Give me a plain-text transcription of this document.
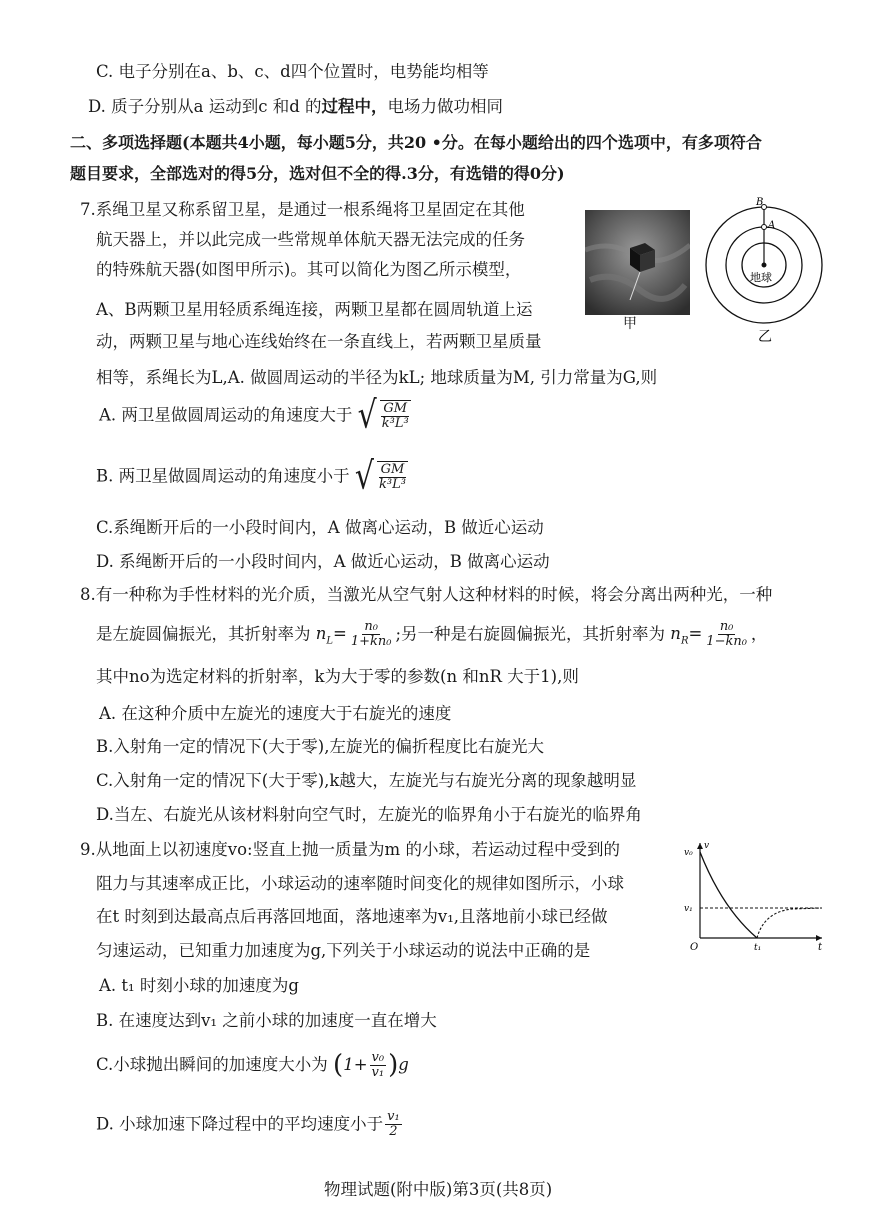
C. 电子分别在a、b、c、d四个位置时，电势能均相等
D. 质子分别从a 运动到c 和d 的过程中，电场力做功相同
二、多项选择题(本题共4小题，每小题5分，共20 •分。在每小题给出的四个选项中，有多项符合
题目要求，全部选对的得5分，选对但不全的得.3分，有选错的得0分)
7.系绳卫星又称系留卫星，是通过一根系绳将卫星固定在其他
航天器上，并以此完成一些常规单体航天器无法完成的任务
的特殊航天器(如图甲所示)。其可以简化为图乙所示模型，
A、B两颗卫星用轻质系绳连接，两颗卫星都在圆周轨道上运
动，两颗卫星与地心连线始终在一条直线上，若两颗卫星质量
相等，系绳长为L,A. 做圆周运动的半径为kL; 地球质量为M, 引力常量为G,则
A. 两卫星做圆周运动的角速度大于 √ $\frac{GM}{\text{k³L³}}$
B. 两卫星做圆周运动的角速度小于 √ $\frac{GM}{\text{k³L³}}$
C.系绳断开后的一小段时间内，A 做离心运动，B 做近心运动
D. 系绳断开后的一小段时间内，A 做近心运动，B 做离心运动
8.有一种称为手性材料的光介质，当激光从空气射人这种材料的时候，将会分离出两种光，一种
是左旋圆偏振光，其折射率为 $n_L= \frac{\text{n₀}}{\text{1+kn₀}}$ ;另一种是右旋圆偏振光，其折射率为 $n_R= \frac{\text{n₀}}{\text{1−kn₀}}$ ，
其中no为选定材料的折射率，k为大于零的参数(n 和nR 大于1),则
A. 在这种介质中左旋光的速度大于右旋光的速度
B.入射角一定的情况下(大于零),左旋光的偏折程度比右旋光大
C.入射角一定的情况下(大于零),k越大，左旋光与右旋光分离的现象越明显
D.当左、右旋光从该材料射向空气时，左旋光的临界角小于右旋光的临界角
9.从地面上以初速度vo:竖直上抛一质量为m 的小球，若运动过程中受到的
阻力与其速率成正比，小球运动的速率随时间变化的规律如图所示，小球
在t 时刻到达最高点后再落回地面，落地速率为v₁,且落地前小球已经做
匀速运动，已知重力加速度为g,下列关于小球运动的说法中正确的是
A. t₁ 时刻小球的加速度为g
B. 在速度达到v₁ 之前小球的加速度一直在增大
C.小球抛出瞬间的加速度大小为 $(1+ \frac{\text{v₀}}{\text{v₁}} )g$
D. 小球加速下降过程中的平均速度小于 $\frac{\text{v₁}}{2}$
物理试题(附中版)第3页(共8页)
甲
B
A
地球
乙
v₀
v
v₁
O	t₁	t
